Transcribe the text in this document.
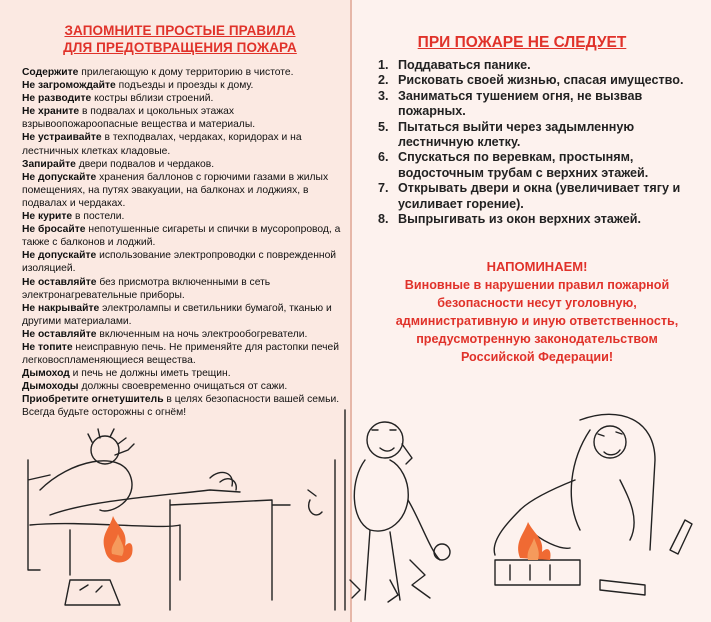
ЗАПОМНИТЕ ПРОСТЫЕ ПРАВИЛА
ДЛЯ ПРЕДОТВРАЩЕНИЯ ПОЖАРА
Содержите прилегающую к дому территорию в чистоте.
Не загромождайте подъезды и проезды к дому.
Не разводите костры вблизи строений.
Не храните в подвалах и цокольных этажах взрывоопожароопасные вещества и материалы.
Не устраивайте в техподвалах, чердаках, коридорах и на лестничных клетках кладовые.
Запирайте двери подвалов и чердаков.
Не допускайте хранения баллонов с горючими газами в жилых помещениях, на путях эвакуации, на балконах и лоджиях, в подвалах и чердаках.
Не курите в постели.
Не бросайте непотушенные сигареты и спички в мусоропровод, а также с балконов и лоджий.
Не допускайте использование электропроводки с поврежденной изоляцией.
Не оставляйте без присмотра включенными в сеть электронагревательные приборы.
Не накрывайте электролампы и светильники бумагой, тканью и другими материалами.
Не оставляйте включенным на ночь электрообогреватели.
Не топите неисправную печь. Не применяйте для растопки печей легковоспламеняющиеся вещества.
Дымоход и печь не должны иметь трещин.
Дымоходы должны своевременно очищаться от сажи.
Приобретите огнетушитель в целях безопасности вашей семьи.
Всегда будьте осторожны с огнём!
ПРИ ПОЖАРЕ НЕ СЛЕДУЕТ
1. Поддаваться панике.
2. Рисковать своей жизнью, спасая имущество.
3. Заниматься тушением огня, не вызвав пожарных.
5. Пытаться выйти через задымленную лестничную клетку.
6. Спускаться по веревкам, простыням, водосточным трубам с верхних этажей.
7. Открывать двери и окна (увеличивает тягу и усиливает горение).
8. Выпрыгивать из окон верхних этажей.
НАПОМИНАЕМ!
Виновные в нарушении правил пожарной безопасности несут уголовную, административную и иную ответственность, предусмотренную законодательством Российской Федерации!
